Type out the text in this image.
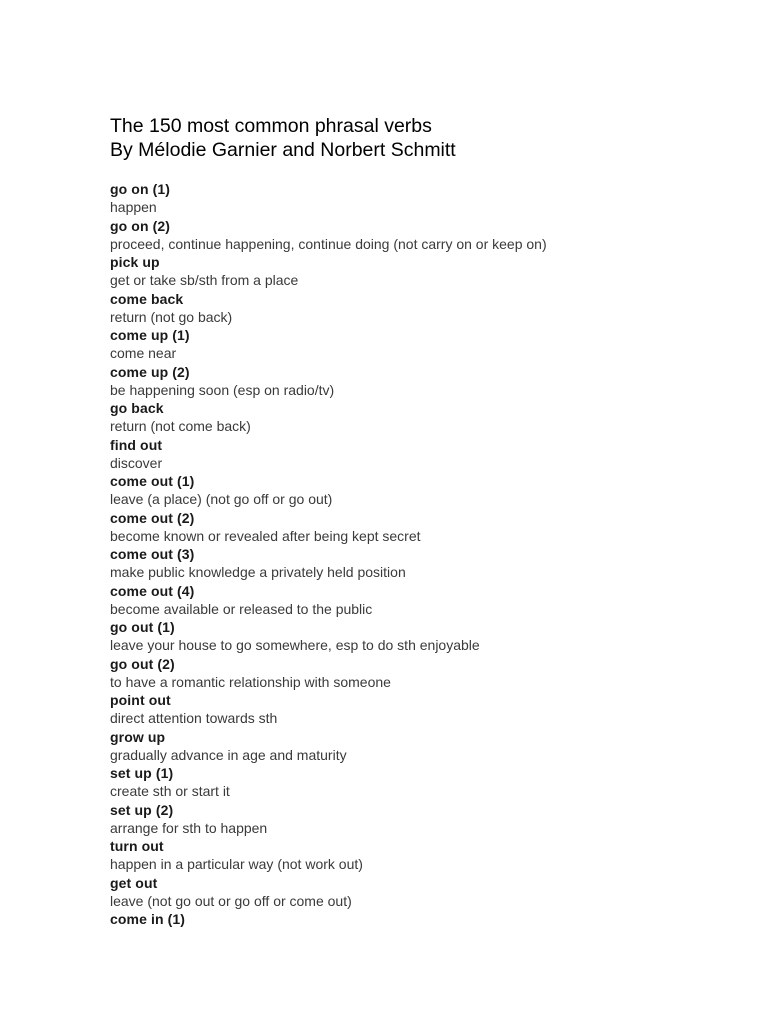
The 150 most common phrasal verbs
By Mélodie Garnier and Norbert Schmitt
go on (1)
happen
go on (2)
proceed, continue happening, continue doing (not carry on or keep on)
pick up
get or take sb/sth from a place
come back
return (not go back)
come up (1)
come near
come up (2)
be happening soon (esp on radio/tv)
go back
return (not come back)
find out
discover
come out (1)
leave (a place) (not go off or go out)
come out (2)
become known or revealed after being kept secret
come out (3)
make public knowledge a privately held position
come out (4)
become available or released to the public
go out (1)
leave your house to go somewhere, esp to do sth enjoyable
go out (2)
to have a romantic relationship with someone
point out
direct attention towards sth
grow up
gradually advance in age and maturity
set up (1)
create sth or start it
set up (2)
arrange for sth to happen
turn out
happen in a particular way (not work out)
get out
leave (not go out or go off or come out)
come in (1)
